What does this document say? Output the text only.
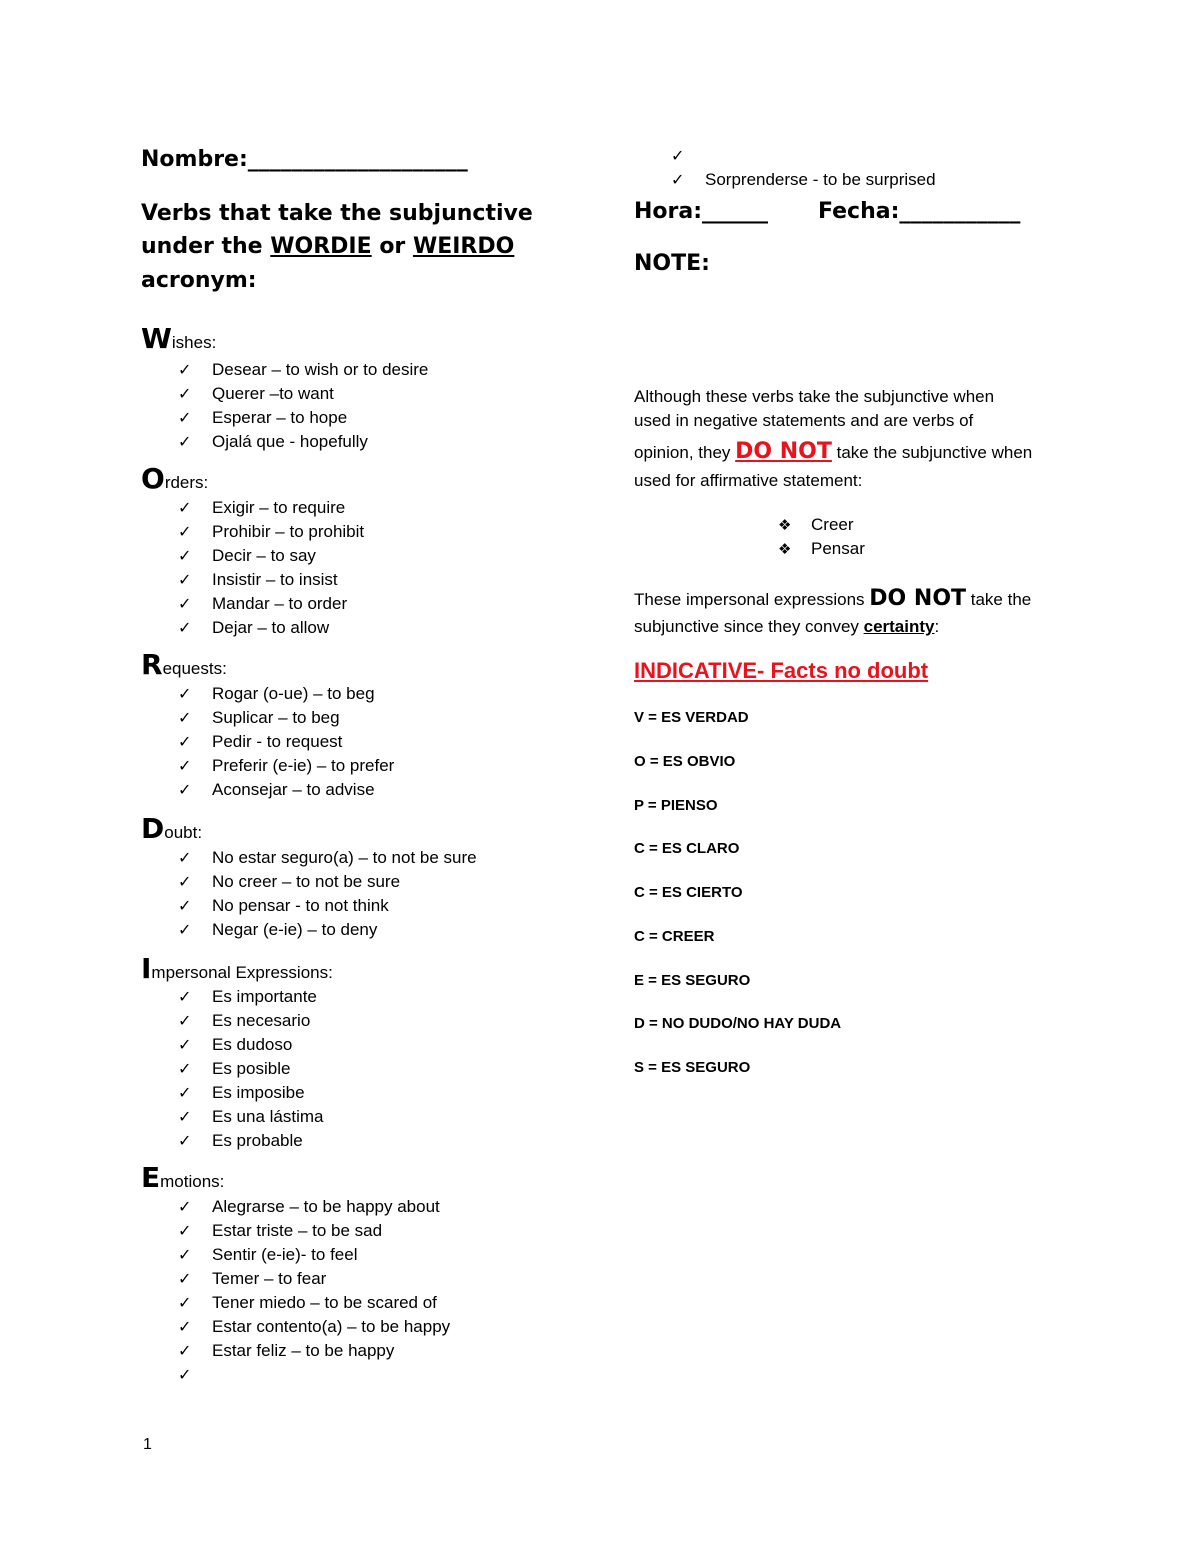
Nombre:____________________
Verbs that take the subjunctive
under the WORDIE or WEIRDO
acronym:
Wishes:
✓ Desear – to wish or to desire
✓ Querer –to want
✓ Esperar – to hope
✓ Ojalá que - hopefully
Orders:
✓ Exigir – to require
✓ Prohibir – to prohibit
✓ Decir – to say
✓ Insistir – to insist
✓ Mandar – to order
✓ Dejar – to allow
Requests:
✓ Rogar (o-ue) – to beg
✓ Suplicar – to beg
✓ Pedir - to request
✓ Preferir (e-ie) – to prefer
✓ Aconsejar – to advise
Doubt:
✓ No estar seguro(a) – to not be sure
✓ No creer – to not be sure
✓ No pensar - to not think
✓ Negar (e-ie) – to deny
Impersonal Expressions:
✓ Es importante
✓ Es necesario
✓ Es dudoso
✓ Es posible
✓ Es imposibe
✓ Es una lástima
✓ Es probable
Emotions:
✓ Alegrarse – to be happy about
✓ Estar triste – to be sad
✓ Sentir (e-ie)- to feel
✓ Temer – to fear
✓ Tener miedo – to be scared of
✓ Estar contento(a) – to be happy
✓ Estar feliz – to be happy
✓
✓
✓ Sorprenderse - to be surprised
Hora:______ Fecha:___________
NOTE:
Although these verbs take the subjunctive when
used in negative statements and are verbs of
opinion, they DO NOT take the subjunctive when
used for affirmative statement:
❖ Creer
❖ Pensar
These impersonal expressions DO NOT take the
subjunctive since they convey certainty:
INDICATIVE- Facts no doubt
V = ES VERDAD
O = ES OBVIO
P = PIENSO
C = ES CLARO
C = ES CIERTO
C = CREER
E = ES SEGURO
D = NO DUDO/NO HAY DUDA
S = ES SEGURO
1
